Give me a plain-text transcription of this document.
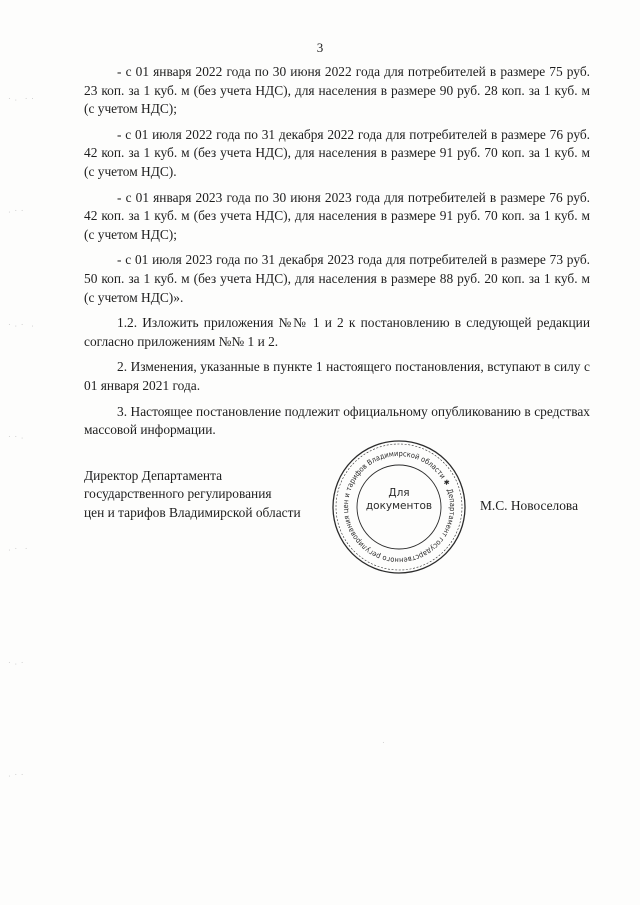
3

- с 01 января 2022 года по 30 июня 2022 года для потребителей в размере 75 руб. 23 коп. за 1 куб. м (без учета НДС), для населения в размере 90 руб. 28 коп. за 1 куб. м (с учетом НДС);

- с 01 июля 2022 года по 31 декабря 2022 года для потребителей в размере 76 руб. 42 коп. за 1 куб. м (без учета НДС), для населения в размере 91 руб. 70 коп. за 1 куб. м (с учетом НДС).

- с 01 января 2023 года по 30 июня 2023 года для потребителей в размере 76 руб. 42 коп. за 1 куб. м (без учета НДС), для населения в размере 91 руб. 70 коп. за 1 куб. м (с учетом НДС);

- с 01 июля 2023 года по 31 декабря 2023 года для потребителей в размере 73 руб. 50 коп. за 1 куб. м (без учета НДС), для населения в размере 88 руб. 20 коп. за 1 куб. м (с учетом НДС)».

1.2. Изложить приложения №№ 1 и 2 к постановлению в следующей редакции согласно приложениям №№ 1 и 2.

2. Изменения, указанные в пункте 1 настоящего постановления, вступают в силу с 01 января 2021 года.

3. Настоящее постановление подлежит официальному опубликованию в средствах массовой информации.

Директор Департамента
государственного регулирования
цен и тарифов Владимирской области
Департамент государственного регулирования цен и тарифов Владимирской области ✱
Для
документов	М.С. Новоселова
⠂⠄ ⠂⠂
⠄⠂⠂
⠂⠄⠂ ⠄
⠂⠂⠄
⠄⠂ ⠂
⠂⠄⠂
⠄⠂⠂
⠂
